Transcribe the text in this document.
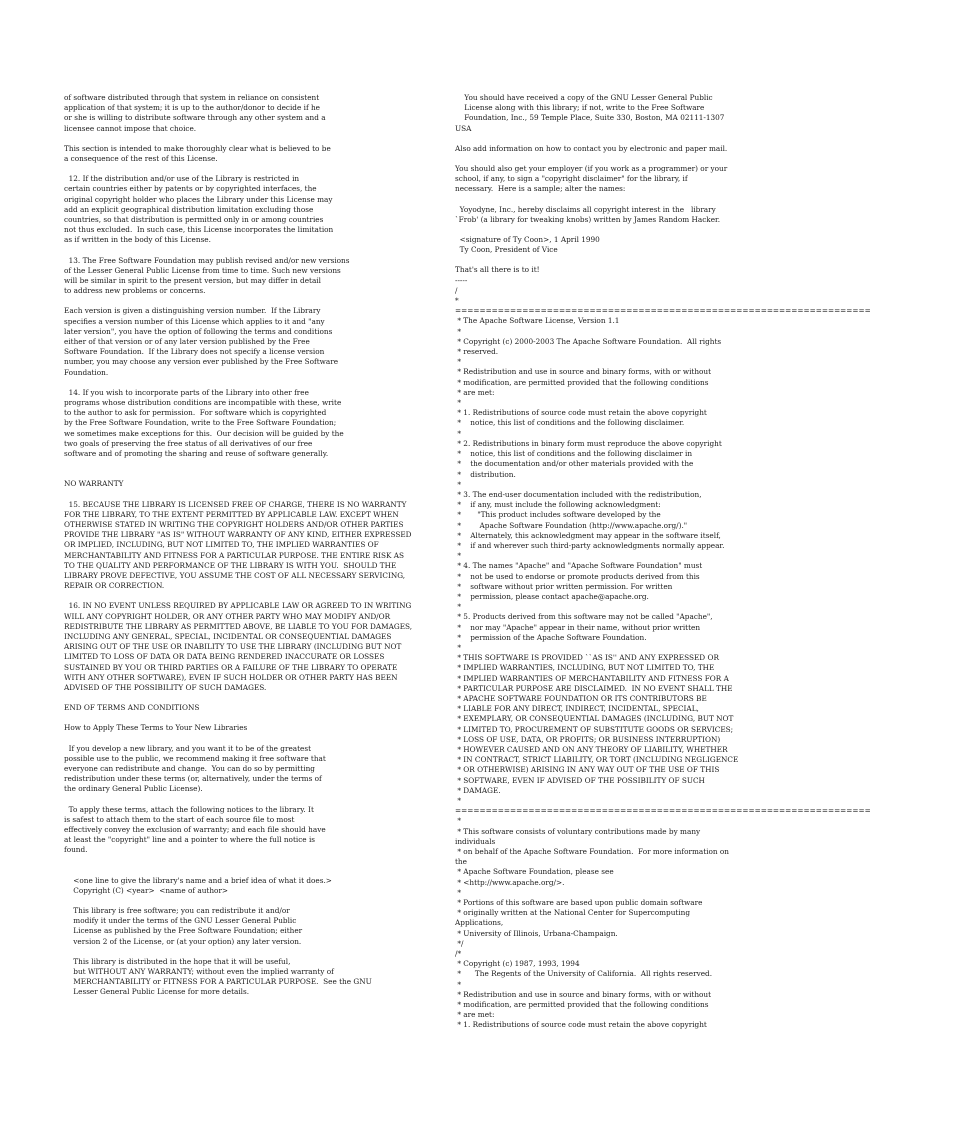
of software distributed through that system in reliance on consistent
application of that system; it is up to the author/donor to decide if he
or she is willing to distribute software through any other system and a
licensee cannot impose that choice.
This section is intended to make thoroughly clear what is believed to be
a consequence of the rest of this License.
12. If the distribution and/or use of the Library is restricted in
certain countries either by patents or by copyrighted interfaces, the
original copyright holder who places the Library under this License may
add an explicit geographical distribution limitation excluding those
countries, so that distribution is permitted only in or among countries
not thus excluded.  In such case, this License incorporates the limitation
as if written in the body of this License.
13. The Free Software Foundation may publish revised and/or new versions
of the Lesser General Public License from time to time. Such new versions
will be similar in spirit to the present version, but may differ in detail
to address new problems or concerns.
Each version is given a distinguishing version number.  If the Library
specifies a version number of this License which applies to it and "any
later version", you have the option of following the terms and conditions
either of that version or of any later version published by the Free
Software Foundation.  If the Library does not specify a license version
number, you may choose any version ever published by the Free Software
Foundation.
14. If you wish to incorporate parts of the Library into other free
programs whose distribution conditions are incompatible with these, write
to the author to ask for permission.  For software which is copyrighted
by the Free Software Foundation, write to the Free Software Foundation;
we sometimes make exceptions for this.  Our decision will be guided by the
two goals of preserving the free status of all derivatives of our free
software and of promoting the sharing and reuse of software generally.
NO WARRANTY
15. BECAUSE THE LIBRARY IS LICENSED FREE OF CHARGE, THERE IS NO WARRANTY
FOR THE LIBRARY, TO THE EXTENT PERMITTED BY APPLICABLE LAW. EXCEPT WHEN
OTHERWISE STATED IN WRITING THE COPYRIGHT HOLDERS AND/OR OTHER PARTIES
PROVIDE THE LIBRARY "AS IS" WITHOUT WARRANTY OF ANY KIND, EITHER EXPRESSED
OR IMPLIED, INCLUDING, BUT NOT LIMITED TO, THE IMPLIED WARRANTIES OF
MERCHANTABILITY AND FITNESS FOR A PARTICULAR PURPOSE. THE ENTIRE RISK AS
TO THE QUALITY AND PERFORMANCE OF THE LIBRARY IS WITH YOU.  SHOULD THE
LIBRARY PROVE DEFECTIVE, YOU ASSUME THE COST OF ALL NECESSARY SERVICING,
REPAIR OR CORRECTION.
16. IN NO EVENT UNLESS REQUIRED BY APPLICABLE LAW OR AGREED TO IN WRITING
WILL ANY COPYRIGHT HOLDER, OR ANY OTHER PARTY WHO MAY MODIFY AND/OR
REDISTRIBUTE THE LIBRARY AS PERMITTED ABOVE, BE LIABLE TO YOU FOR DAMAGES,
INCLUDING ANY GENERAL, SPECIAL, INCIDENTAL OR CONSEQUENTIAL DAMAGES
ARISING OUT OF THE USE OR INABILITY TO USE THE LIBRARY (INCLUDING BUT NOT
LIMITED TO LOSS OF DATA OR DATA BEING RENDERED INACCURATE OR LOSSES
SUSTAINED BY YOU OR THIRD PARTIES OR A FAILURE OF THE LIBRARY TO OPERATE
WITH ANY OTHER SOFTWARE), EVEN IF SUCH HOLDER OR OTHER PARTY HAS BEEN
ADVISED OF THE POSSIBILITY OF SUCH DAMAGES.
END OF TERMS AND CONDITIONS
How to Apply These Terms to Your New Libraries
If you develop a new library, and you want it to be of the greatest
possible use to the public, we recommend making it free software that
everyone can redistribute and change.  You can do so by permitting
redistribution under these terms (or, alternatively, under the terms of
the ordinary General Public License).
To apply these terms, attach the following notices to the library. It
is safest to attach them to the start of each source file to most
effectively convey the exclusion of warranty; and each file should have
at least the "copyright" line and a pointer to where the full notice is
found.
<one line to give the library's name and a brief idea of what it does.>
Copyright (C) <year>  <name of author>
This library is free software; you can redistribute it and/or
modify it under the terms of the GNU Lesser General Public
License as published by the Free Software Foundation; either
version 2 of the License, or (at your option) any later version.
This library is distributed in the hope that it will be useful,
but WITHOUT ANY WARRANTY; without even the implied warranty of
MERCHANTABILITY or FITNESS FOR A PARTICULAR PURPOSE.  See the GNU
Lesser General Public License for more details.
You should have received a copy of the GNU Lesser General Public
License along with this library; if not, write to the Free Software
Foundation, Inc., 59 Temple Place, Suite 330, Boston, MA 02111-1307
USA
Also add information on how to contact you by electronic and paper mail.
You should also get your employer (if you work as a programmer) or your
school, if any, to sign a "copyright disclaimer" for the library, if
necessary.  Here is a sample; alter the names:
Yoyodyne, Inc., hereby disclaims all copyright interest in the   library
`Frob' (a library for tweaking knobs) written by James Random Hacker.
<signature of Ty Coon>, 1 April 1990
Ty Coon, President of Vice
That's all there is to it!
-----
/
* ====================================================================
* The Apache Software License, Version 1.1
*
* Copyright (c) 2000-2003 The Apache Software Foundation.  All rights
* reserved.
*
* Redistribution and use in source and binary forms, with or without
* modification, are permitted provided that the following conditions
* are met:
*
* 1. Redistributions of source code must retain the above copyright
*    notice, this list of conditions and the following disclaimer.
*
* 2. Redistributions in binary form must reproduce the above copyright
*    notice, this list of conditions and the following disclaimer in
*    the documentation and/or other materials provided with the
*    distribution.
*
* 3. The end-user documentation included with the redistribution,
*    if any, must include the following acknowledgment:
*       "This product includes software developed by the
*        Apache Software Foundation (http://www.apache.org/)."
*    Alternately, this acknowledgment may appear in the software itself,
*    if and wherever such third-party acknowledgments normally appear.
*
* 4. The names "Apache" and "Apache Software Foundation" must
*    not be used to endorse or promote products derived from this
*    software without prior written permission. For written
*    permission, please contact apache@apache.org.
*
* 5. Products derived from this software may not be called "Apache",
*    nor may "Apache" appear in their name, without prior written
*    permission of the Apache Software Foundation.
*
* THIS SOFTWARE IS PROVIDED ``AS IS'' AND ANY EXPRESSED OR
* IMPLIED WARRANTIES, INCLUDING, BUT NOT LIMITED TO, THE
* IMPLIED WARRANTIES OF MERCHANTABILITY AND FITNESS FOR A
* PARTICULAR PURPOSE ARE DISCLAIMED.  IN NO EVENT SHALL THE
* APACHE SOFTWARE FOUNDATION OR ITS CONTRIBUTORS BE
* LIABLE FOR ANY DIRECT, INDIRECT, INCIDENTAL, SPECIAL,
* EXEMPLARY, OR CONSEQUENTIAL DAMAGES (INCLUDING, BUT NOT
* LIMITED TO, PROCUREMENT OF SUBSTITUTE GOODS OR SERVICES;
* LOSS OF USE, DATA, OR PROFITS; OR BUSINESS INTERRUPTION)
* HOWEVER CAUSED AND ON ANY THEORY OF LIABILITY, WHETHER
* IN CONTRACT, STRICT LIABILITY, OR TORT (INCLUDING NEGLIGENCE
* OR OTHERWISE) ARISING IN ANY WAY OUT OF THE USE OF THIS
* SOFTWARE, EVEN IF ADVISED OF THE POSSIBILITY OF SUCH
* DAMAGE.
* ====================================================================
*
* This software consists of voluntary contributions made by many
individuals
* on behalf of the Apache Software Foundation.  For more information on
the
* Apache Software Foundation, please see
* <http://www.apache.org/>.
*
* Portions of this software are based upon public domain software
* originally written at the National Center for Supercomputing
Applications,
* University of Illinois, Urbana-Champaign.
*/
/*
* Copyright (c) 1987, 1993, 1994
*      The Regents of the University of California.  All rights reserved.
*
* Redistribution and use in source and binary forms, with or without
* modification, are permitted provided that the following conditions
* are met:
* 1. Redistributions of source code must retain the above copyright
